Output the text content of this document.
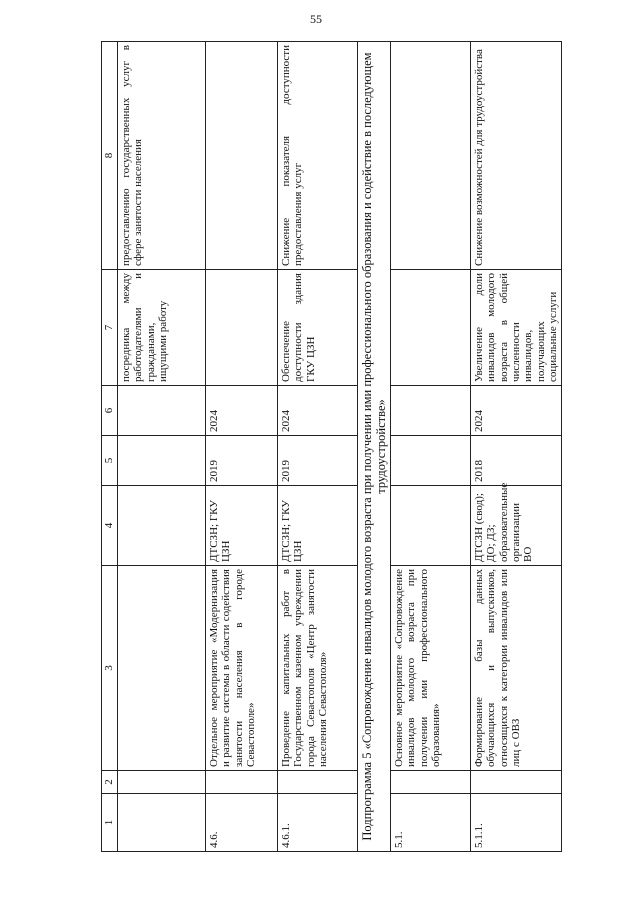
55
1	2	3	4	5	6	7	8
						посредника между работодателями и гражданами, ищущими работу	предоставлению государственных услуг в сфере занятости населения
4.6.		Отдельное мероприятие «Модернизация и развитие системы в области содействия занятости населения в городе Севастополе»	ДТСЗН; ГКУ ЦЗН	2019	2024		
4.6.1.		Проведение капитальных работ в Государственном казенном учреждении города Севастополя «Центр занятости населения Севастополя»	ДТСЗН; ГКУ ЦЗН	2019	2024	Обеспечение доступности здания ГКУ ЦЗН	Снижение показателя доступности предоставления услуг
Подпрограмма 5 «Сопровождение инвалидов молодого возраста при получении ими профессионального образования и содействие в последующем трудоустройстве»							
5.1.		Основное мероприятие «Сопровождение инвалидов молодого возраста при получении ими профессионального образования»					
5.1.1.		Формирование базы данных обучающихся и выпускников, относящихся к категории инвалидов или лиц с ОВЗ	ДТСЗН (свод); ДО; ДЗ; образовательные организации ВО	2018	2024	Увеличение доли инвалидов молодого возраста в общей численности инвалидов, получающих социальные услуги	Снижение возможностей для трудоустройства
